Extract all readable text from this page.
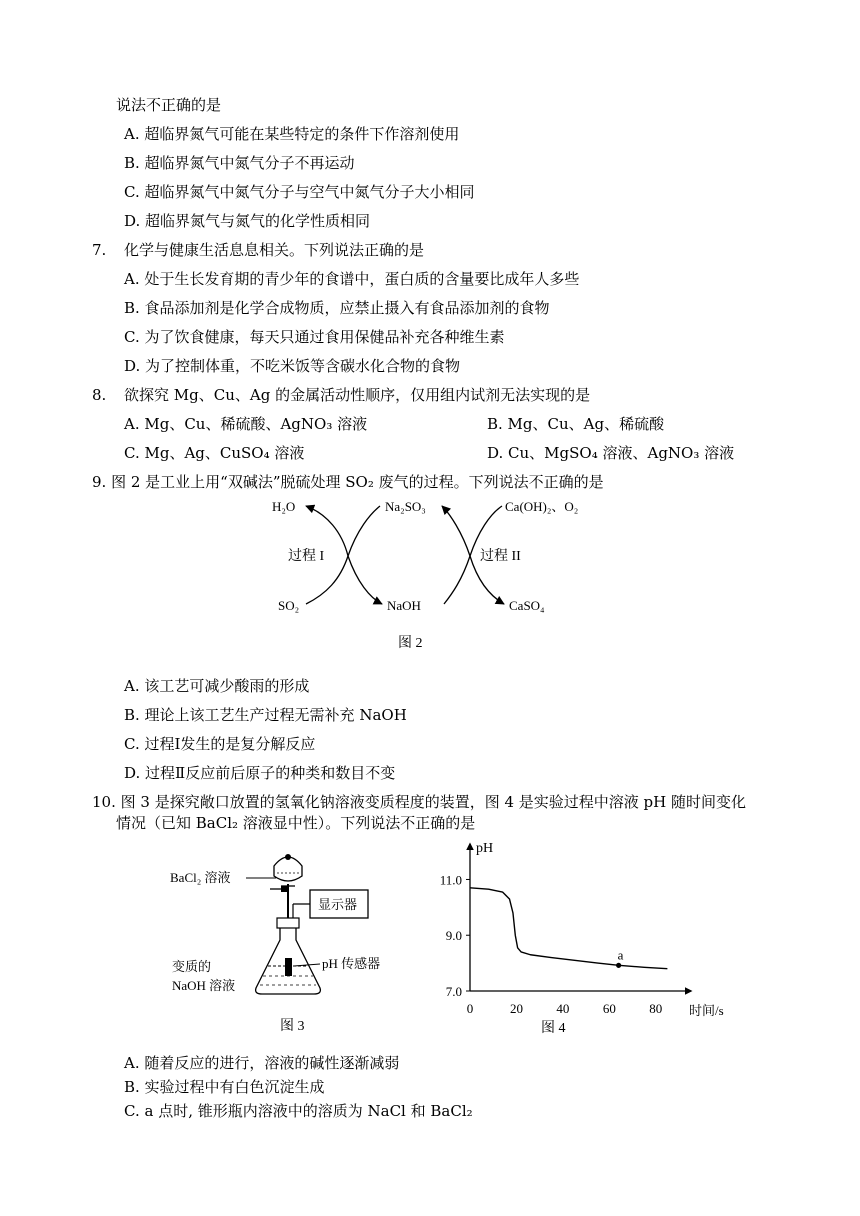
说法不正确的是
A. 超临界氮气可能在某些特定的条件下作溶剂使用
B. 超临界氮气中氮气分子不再运动
C. 超临界氮气中氮气分子与空气中氮气分子大小相同
D. 超临界氮气与氮气的化学性质相同
7. 化学与健康生活息息相关。下列说法正确的是
A. 处于生长发育期的青少年的食谱中，蛋白质的含量要比成年人多些
B. 食品添加剂是化学合成物质，应禁止摄入有食品添加剂的食物
C. 为了饮食健康，每天只通过食用保健品补充各种维生素
D. 为了控制体重，不吃米饭等含碳水化合物的食物
8. 欲探究 Mg、Cu、Ag 的金属活动性顺序，仅用组内试剂无法实现的是
A. Mg、Cu、稀硫酸、AgNO₃ 溶液	B. Mg、Cu、Ag、稀硫酸
C. Mg、Ag、CuSO₄ 溶液	D. Cu、MgSO₄ 溶液、AgNO₃ 溶液
9. 图 2 是工业上用“双碱法”脱硫处理 SO₂ 废气的过程。下列说法不正确的是
H₂O	Na₂SO₃	Ca(OH)₂、O₂
过程 I	过程 II
SO₂	NaOH	CaSO₄
图 2
A. 该工艺可减少酸雨的形成
B. 理论上该工艺生产过程无需补充 NaOH
C. 过程Ⅰ发生的是复分解反应
D. 过程Ⅱ反应前后原子的种类和数目不变
10. 图 3 是探究敞口放置的氢氧化钠溶液变质程度的装置，图 4 是实验过程中溶液 pH 随时间变化
情况（已知 BaCl₂ 溶液显中性）。下列说法不正确的是
BaCl₂ 溶液
显示器
pH 传感器
变质的
NaOH 溶液
图 3
pH
时间/s
0	20	40	60	80
7.0
9.0
11.0
a
图 4
A. 随着反应的进行，溶液的碱性逐渐减弱
B. 实验过程中有白色沉淀生成
C. a 点时, 锥形瓶内溶液中的溶质为 NaCl 和 BaCl₂
